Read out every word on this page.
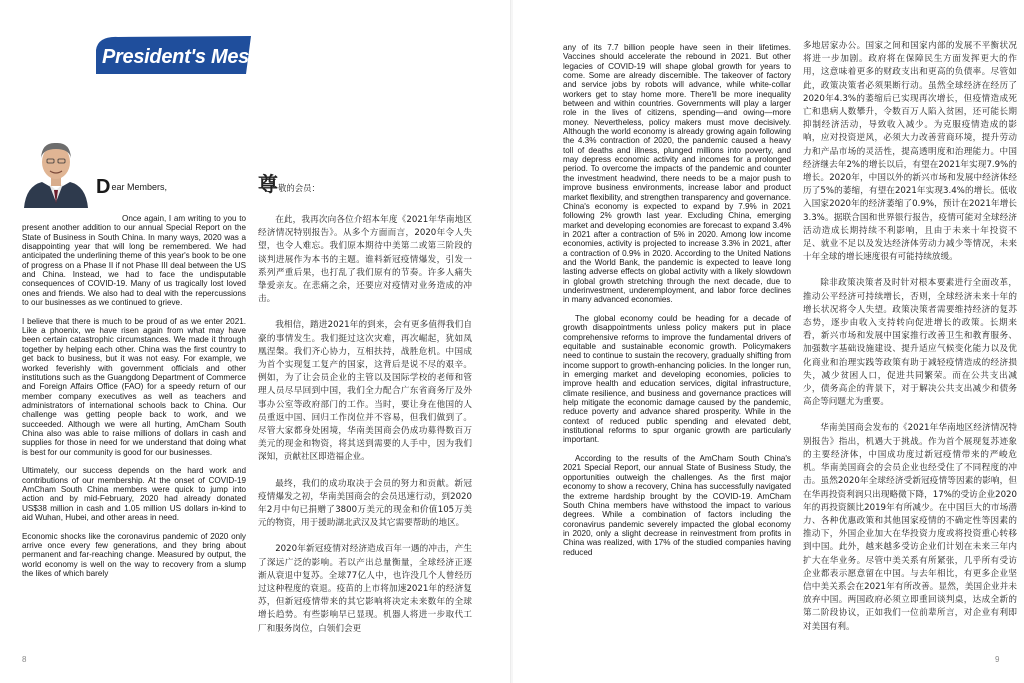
President's Message·会长致辞
Dear Members,

Once again, I am writing to you to present another addition to our annual Special Report on the State of Business in South China. In many ways, 2020 was a disappointing year that will long be remembered. We had anticipated the underlining theme of this year's book to be one of progress on a Phase II if not Phase III deal between the US and China. Instead, we had to face the undisputable consequences of COVID-19. Many of us tragically lost loved ones and friends. We also had to deal with the repercussions to our businesses as we continued to grieve.

I believe that there is much to be proud of as we enter 2021. Like a phoenix, we have risen again from what may have been certain catastrophic circumstances. We made it through together by helping each other. China was the first country to get back to business, but it was not easy. For example, we worked feverishly with government officials and other institutions such as the Guangdong Department of Commerce and Foreign Affairs Office (FAO) for a speedy return of our member company executives as well as teachers and administrators of international schools back to China. Our challenge was getting people back to work, and we succeeded. Although we were all hurting, AmCham South China also was able to raise millions of dollars in cash and supplies for those in need for we understand that doing what is best for our community is good for our businesses.

Ultimately, our success depends on the hard work and contributions of our membership. At the onset of COVID-19 AmCham South China members were quick to jump into action and by mid-February, 2020 had already donated US$38 million in cash and 1.05 million US dollars in-kind to aid Wuhan, Hubei, and other areas in need.

Economic shocks like the coronavirus pandemic of 2020 only arrive once every few generations, and they bring about permanent and far-reaching change. Measured by output, the world economy is well on the way to recovery from a slump the likes of which barely

尊敬的会员：

在此，我再次向各位介绍本年度《2021年华南地区经济情况特别报告》。从多个方面而言，2020年令人失望，也令人难忘。我们原本期待中美第二或第三阶段的谈判进展作为本书的主题。谁料新冠疫情爆发，引发一系列严重后果，也打乱了我们原有的节奏。许多人痛失挚爱亲友。在悲痛之余，还要应对疫情对业务造成的冲击。

我相信，踏进2021年的到来，会有更多值得我们自豪的事情发生。我们挺过这次灾难，再次崛起，犹如凤凰涅槃。我们齐心协力，互相扶持，战胜危机。中国成为首个实现复工复产的国家，这背后是说不尽的艰辛。例如，为了让会员企业的主管以及国际学校的老师和管理人员尽早回到中国，我们全力配合广东省商务厅及外事办公室等政府部门的工作。当时，要让身在他国的人员重返中国、回归工作岗位并不容易，但我们做到了。尽管大家都身处困境，华南美国商会仍成功募得数百万美元的现金和物资，将其送到需要的人手中，因为我们深知，贡献社区即造福企业。

最终，我们的成功取决于会员的努力和贡献。新冠疫情爆发之初，华南美国商会的会员迅速行动，到2020年2月中旬已捐赠了3800万美元的现金和价值105万美元的物资，用于援助湖北武汉及其它需要帮助的地区。

2020年新冠疫情对经济造成百年一遇的冲击，产生了深远广泛的影响。若以产出总量衡量，全球经济正逐渐从衰退中复苏。全球77亿人中，也许没几个人曾经历过这种程度的衰退。疫苗的上市将加速2021年的经济复苏，但新冠疫情带来的其它影响将决定未来数年的全球增长趋势。有些影响早已显现。机器人将进一步取代工厂和服务岗位，白领们会更

8

any of its 7.7 billion people have seen in their lifetimes. Vaccines should accelerate the rebound in 2021. But other legacies of COVID-19 will shape global growth for years to come. Some are already discernible. The takeover of factory and service jobs by robots will advance, while white-collar workers get to stay home more. There'll be more inequality between and within countries. Governments will play a larger role in the lives of citizens, spending—and owing—more money. Nevertheless, policy makers must move decisively. Although the world economy is already growing again following the 4.3% contraction of 2020, the pandemic caused a heavy toll of deaths and illness, plunged millions into poverty, and may depress economic activity and incomes for a prolonged period. To overcome the impacts of the pandemic and counter the investment headwind, there needs to be a major push to improve business environments, increase labor and product market flexibility, and strengthen transparency and governance. China's economy is expected to expand by 7.9% in 2021 following 2% growth last year. Excluding China, emerging market and developing economies are forecast to expand 3.4% in 2021 after a contraction of 5% in 2020. Among low income economies, activity is projected to increase 3.3% in 2021, after a contraction of 0.9% in 2020. According to the United Nations and the World Bank, the pandemic is expected to leave long lasting adverse effects on global activity with a likely slowdown in global growth stretching through the next decade, due to underinvestment, underemployment, and labor force declines in many advanced economies.

The global economy could be heading for a decade of growth disappointments unless policy makers put in place comprehensive reforms to improve the fundamental drivers of equitable and sustainable economic growth. Policymakers need to continue to sustain the recovery, gradually shifting from income support to growth-enhancing policies. In the longer run, in emerging market and developing economies, policies to improve health and education services, digital infrastructure, climate resilience, and business and governance practices will help mitigate the economic damage caused by the pandemic, reduce poverty and advance shared prosperity. While in the context of reduced public spending and elevated debt, institutional reforms to spur organic growth are particularly important.

According to the results of the AmCham South China's 2021 Special Report, our annual State of Business Study, the opportunities outweigh the challenges. As the first major economy to show a recovery, China has successfully navigated the extreme hardship brought by the COVID-19. AmCham South China members have withstood the impact to various degrees. While a combination of factors including the coronavirus pandemic severely impacted the global economy in 2020, only a slight decrease in reinvestment from profits in China was realized, with 17% of the studied companies having reduced

多地居家办公。国家之间和国家内部的发展不平衡状况将进一步加剧。政府将在保障民生方面发挥更大的作用，这意味着更多的财政支出和更高的负债率。尽管如此，政策决策者必须果断行动。虽然全球经济在经历了2020年4.3%的萎缩后已实现再次增长，但疫情造成死亡和患病人数攀升，令数百万人陷入贫困，还可能长期抑制经济活动，导致收入减少。为克服疫情造成的影响，应对投资逆风，必须大力改善营商环境，提升劳动力和产品市场的灵活性，提高透明度和治理能力。中国经济继去年2%的增长以后，有望在2021年实现7.9%的增长。2020年，中国以外的新兴市场和发展中经济体经历了5%的萎缩，有望在2021年实现3.4%的增长。低收入国家2020年的经济萎缩了0.9%，预计在2021年增长3.3%。据联合国和世界银行报告，疫情可能对全球经济活动造成长期持续不利影响，且由于未来十年投资不足、就业不足以及发达经济体劳动力减少等情况，未来十年全球的增长速度很有可能持续放缓。

除非政策决策者及时针对根本要素进行全面改革，推动公平经济可持续增长，否则，全球经济未来十年的增长状况将令人失望。政策决策者需要维持经济的复苏态势，逐步由收入支持转向促进增长的政策。长期来看，新兴市场和发展中国家推行改善卫生和教育服务、加强数字基础设施建设、提升适应气候变化能力以及优化商业和治理实践等政策有助于减轻疫情造成的经济损失，减少贫困人口，促进共同繁荣。而在公共支出减少，债务高企的背景下，对于解决公共支出减少和债务高企等问题尤为重要。

华南美国商会发布的《2021年华南地区经济情况特别报告》指出，机遇大于挑战。作为首个展现复苏迹象的主要经济体，中国成功度过新冠疫情带来的严峻危机。华南美国商会的会员企业也经受住了不同程度的冲击。虽然2020年全球经济受新冠疫情等因素的影响，但在华再投资利润只出现略微下降，17%的受访企业2020年的再投资额比2019年有所减少。在中国巨大的市场潜力、各种优惠政策和其他国家疫情的不确定性等因素的推动下，外国企业加大在华投资力度或将投资重心转移到中国。此外，越来越多受访企业们计划在未来三年内扩大在华业务。尽管中美关系有所紧张，几乎所有受访企业都表示愿意留在中国。与去年相比，有更多企业坚信中美关系会在2021年有所改善。显然，美国企业并未放弃中国。两国政府必须立即重回谈判桌，达成全新的第二阶段协议，正如我们一位前辈所言，对企业有利即对美国有利。

9
